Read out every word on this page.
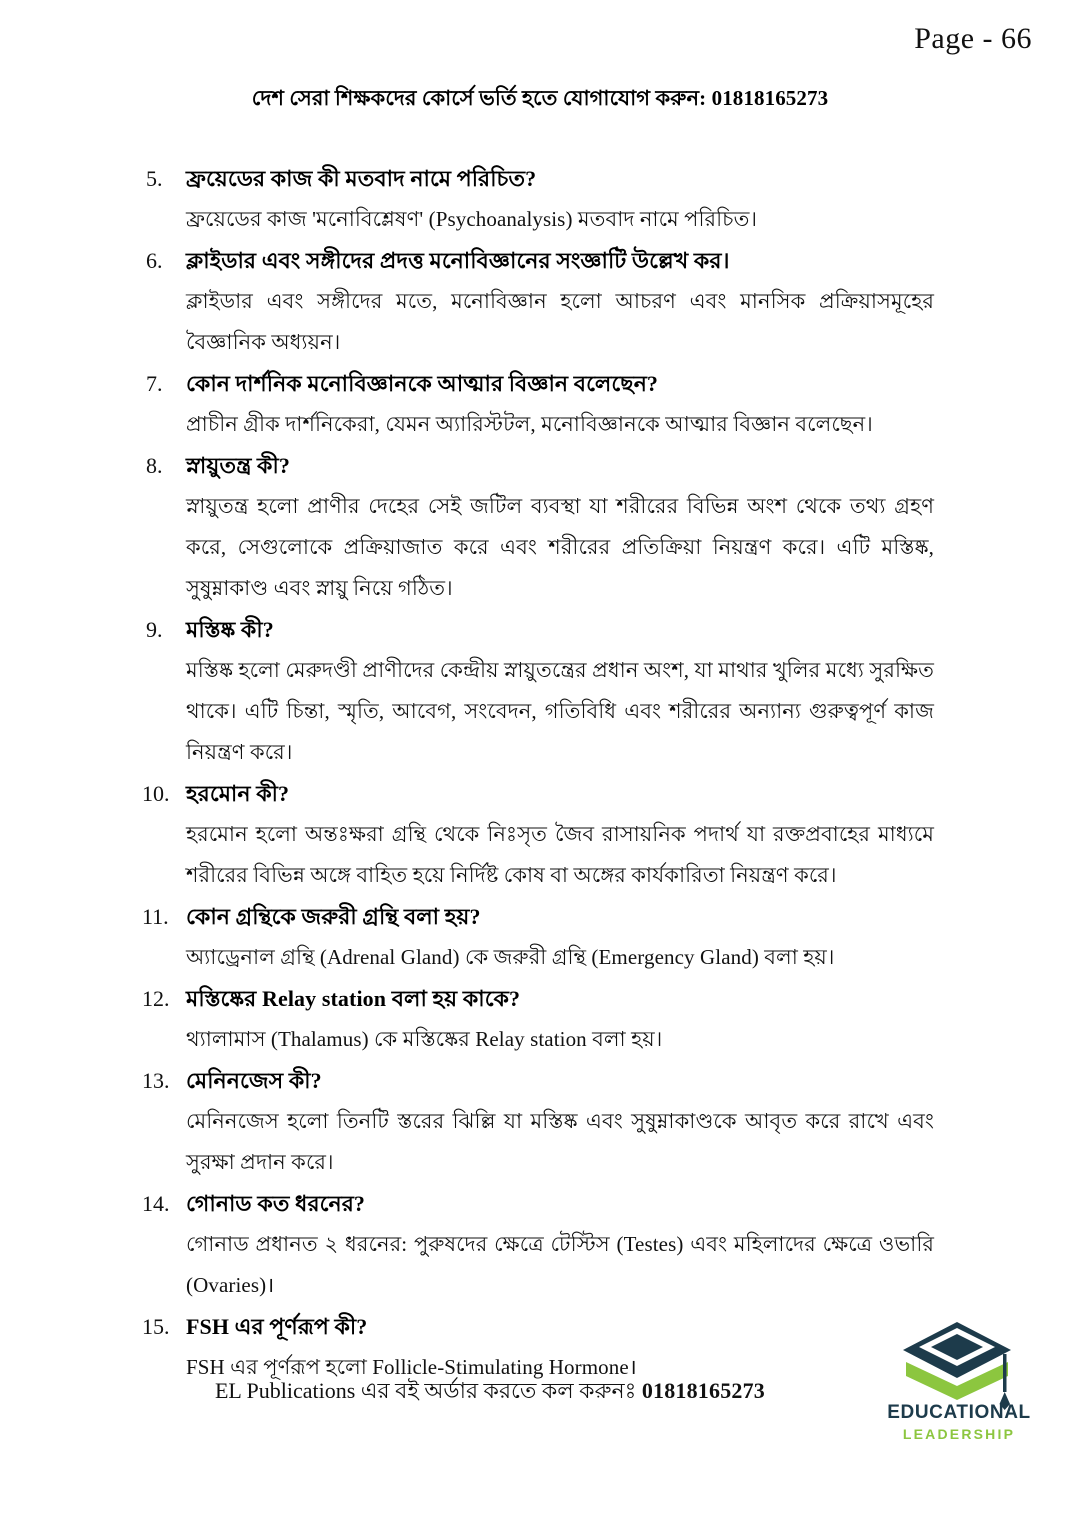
Page - 66
দেশ সেরা শিক্ষকদের কোর্সে ভর্তি হতে যোগাযোগ করুন: 01818165273
5.	ফ্রয়েডের কাজ কী মতবাদ নামে পরিচিত?
ফ্রয়েডের কাজ 'মনোবিশ্লেষণ' (Psychoanalysis) মতবাদ নামে পরিচিত।
6.	ক্লাইডার এবং সঙ্গীদের প্রদত্ত মনোবিজ্ঞানের সংজ্ঞাটি উল্লেখ কর।
ক্লাইডার এবং সঙ্গীদের মতে, মনোবিজ্ঞান হলো আচরণ এবং মানসিক প্রক্রিয়াসমূহের বৈজ্ঞানিক অধ্যয়ন।
7.	কোন দার্শনিক মনোবিজ্ঞানকে আত্মার বিজ্ঞান বলেছেন?
প্রাচীন গ্রীক দার্শনিকেরা, যেমন অ্যারিস্টটল, মনোবিজ্ঞানকে আত্মার বিজ্ঞান বলেছেন।
8.	স্নায়ুতন্ত্র কী?
স্নায়ুতন্ত্র হলো প্রাণীর দেহের সেই জটিল ব্যবস্থা যা শরীরের বিভিন্ন অংশ থেকে তথ্য গ্রহণ করে, সেগুলোকে প্রক্রিয়াজাত করে এবং শরীরের প্রতিক্রিয়া নিয়ন্ত্রণ করে। এটি মস্তিষ্ক, সুষুম্নাকাণ্ড এবং স্নায়ু নিয়ে গঠিত।
9.	মস্তিষ্ক কী?
মস্তিষ্ক হলো মেরুদণ্ডী প্রাণীদের কেন্দ্রীয় স্নায়ুতন্ত্রের প্রধান অংশ, যা মাথার খুলির মধ্যে সুরক্ষিত থাকে। এটি চিন্তা, স্মৃতি, আবেগ, সংবেদন, গতিবিধি এবং শরীরের অন্যান্য গুরুত্বপূর্ণ কাজ নিয়ন্ত্রণ করে।
10. হরমোন কী?
হরমোন হলো অন্তঃক্ষরা গ্রন্থি থেকে নিঃসৃত জৈব রাসায়নিক পদার্থ যা রক্তপ্রবাহের মাধ্যমে শরীরের বিভিন্ন অঙ্গে বাহিত হয়ে নির্দিষ্ট কোষ বা অঙ্গের কার্যকারিতা নিয়ন্ত্রণ করে।
11. কোন গ্রন্থিকে জরুরী গ্রন্থি বলা হয়?
অ্যাড্রেনাল গ্রন্থি (Adrenal Gland) কে জরুরী গ্রন্থি (Emergency Gland) বলা হয়।
12. মস্তিষ্কের Relay station বলা হয় কাকে?
থ্যালামাস (Thalamus) কে মস্তিষ্কের Relay station বলা হয়।
13. মেনিনজেস কী?
মেনিনজেস হলো তিনটি স্তরের ঝিল্লি যা মস্তিষ্ক এবং সুষুম্নাকাণ্ডকে আবৃত করে রাখে এবং সুরক্ষা প্রদান করে।
14. গোনাড কত ধরনের?
গোনাড প্রধানত ২ ধরনের: পুরুষদের ক্ষেত্রে টেস্টিস (Testes) এবং মহিলাদের ক্ষেত্রে ওভারি (Ovaries)।
15. FSH এর পূর্ণরূপ কী?
FSH এর পূর্ণরূপ হলো Follicle-Stimulating Hormone।
EL Publications এর বই অর্ডার করতে কল করুনঃ 01818165273
EDUCATIONAL
LEADERSHIP
